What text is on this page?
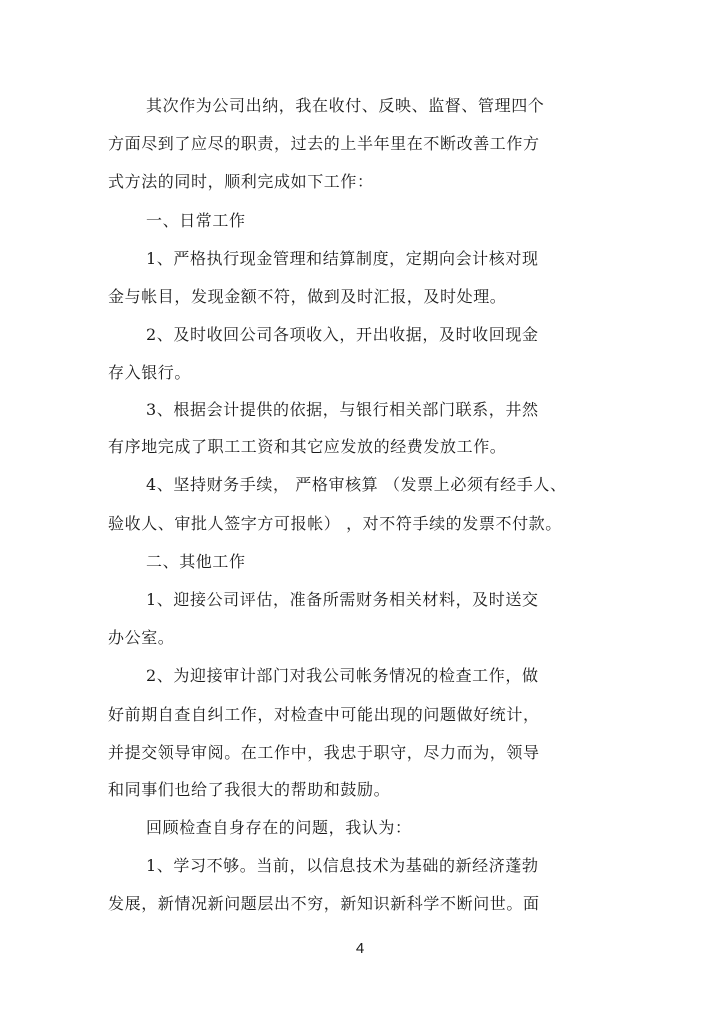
其次作为公司出纳，我在收付、反映、监督、管理四个
方面尽到了应尽的职责，过去的上半年里在不断改善工作方
式方法的同时，顺利完成如下工作：
一、日常工作
1、严格执行现金管理和结算制度，定期向会计核对现
金与帐目，发现金额不符，做到及时汇报，及时处理。
2、及时收回公司各项收入，开出收据，及时收回现金
存入银行。
3、根据会计提供的依据，与银行相关部门联系，井然
有序地完成了职工工资和其它应发放的经费发放工作。
4、坚持财务手续， 严格审核算 （发票上必须有经手人、
验收人、审批人签字方可报帐） ，对不符手续的发票不付款。
二、其他工作
1、迎接公司评估，准备所需财务相关材料，及时送交
办公室。
2、为迎接审计部门对我公司帐务情况的检查工作，做
好前期自查自纠工作，对检查中可能出现的问题做好统计，
并提交领导审阅。在工作中，我忠于职守，尽力而为，领导
和同事们也给了我很大的帮助和鼓励。
回顾检查自身存在的问题，我认为：
1、学习不够。当前，以信息技术为基础的新经济蓬勃
发展，新情况新问题层出不穷，新知识新科学不断问世。面
4
